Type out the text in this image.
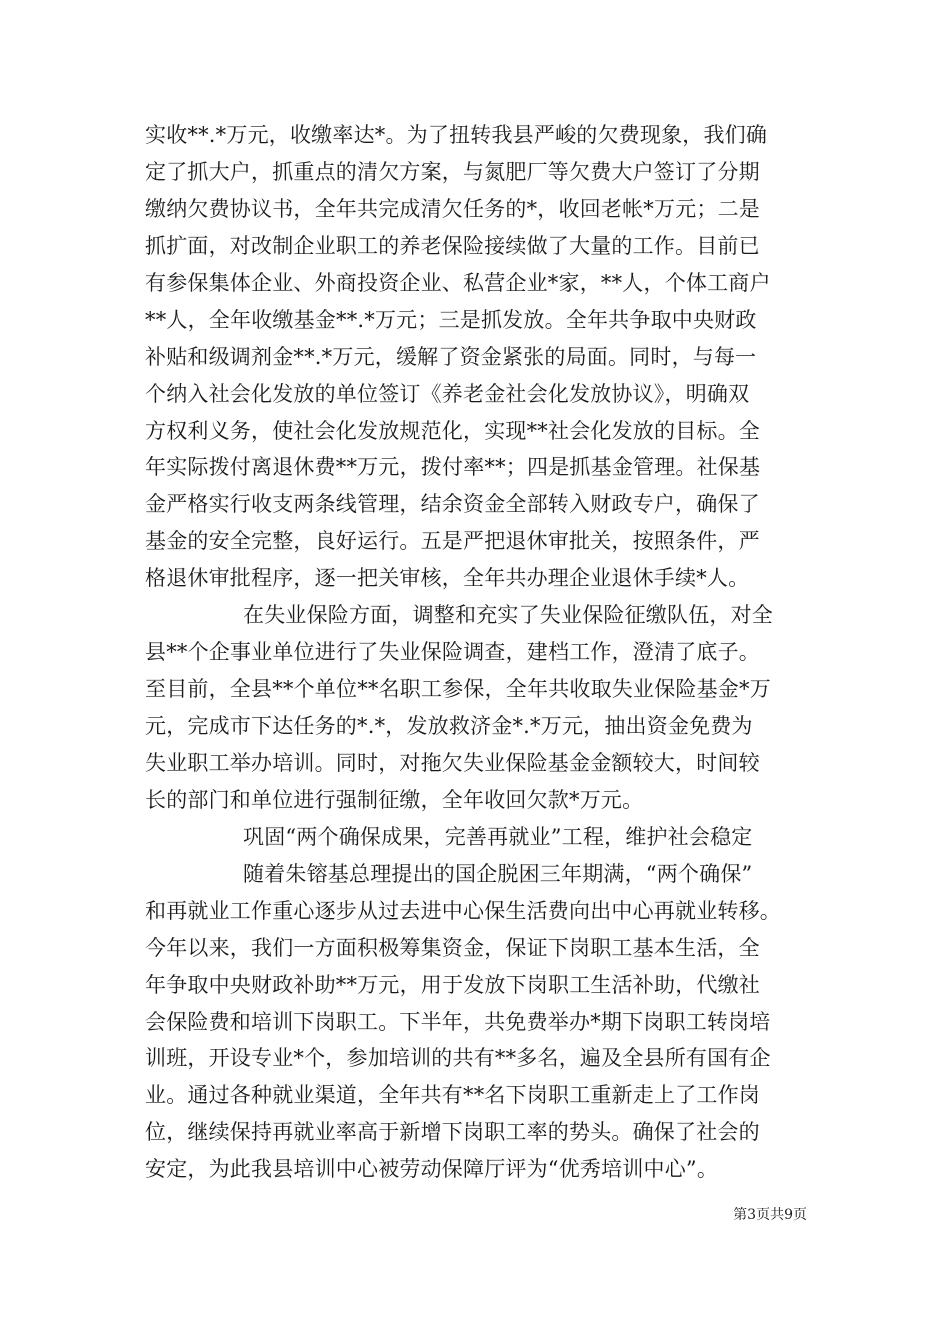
实收**.*万元，收缴率达*。为了扭转我县严峻的欠费现象，我们确
定了抓大户，抓重点的清欠方案，与氮肥厂等欠费大户签订了分期
缴纳欠费协议书，全年共完成清欠任务的*，收回老帐*万元；二是
抓扩面，对改制企业职工的养老保险接续做了大量的工作。目前已
有参保集体企业、外商投资企业、私营企业*家，**人，个体工商户
**人，全年收缴基金**.*万元；三是抓发放。全年共争取中央财政
补贴和级调剂金**.*万元，缓解了资金紧张的局面。同时，与每一
个纳入社会化发放的单位签订《养老金社会化发放协议》，明确双
方权利义务，使社会化发放规范化，实现**社会化发放的目标。全
年实际拨付离退休费**万元，拨付率**；四是抓基金管理。社保基
金严格实行收支两条线管理，结余资金全部转入财政专户，确保了
基金的安全完整，良好运行。五是严把退休审批关，按照条件，严
格退休审批程序，逐一把关审核，全年共办理企业退休手续*人。
在失业保险方面，调整和充实了失业保险征缴队伍，对全
县**个企事业单位进行了失业保险调查，建档工作，澄清了底子。
至目前，全县**个单位**名职工参保，全年共收取失业保险基金*万
元，完成市下达任务的*.*，发放救济金*.*万元，抽出资金免费为
失业职工举办培训。同时，对拖欠失业保险基金金额较大，时间较
长的部门和单位进行强制征缴，全年收回欠款*万元。
巩固“两个确保成果，完善再就业”工程，维护社会稳定
随着朱镕基总理提出的国企脱困三年期满，“两个确保”
和再就业工作重心逐步从过去进中心保生活费向出中心再就业转移。
今年以来，我们一方面积极筹集资金，保证下岗职工基本生活，全
年争取中央财政补助**万元，用于发放下岗职工生活补助，代缴社
会保险费和培训下岗职工。下半年，共免费举办*期下岗职工转岗培
训班，开设专业*个，参加培训的共有**多名，遍及全县所有国有企
业。通过各种就业渠道，全年共有**名下岗职工重新走上了工作岗
位，继续保持再就业率高于新增下岗职工率的势头。确保了社会的
安定，为此我县培训中心被劳动保障厅评为“优秀培训中心”。
第3页共9页
